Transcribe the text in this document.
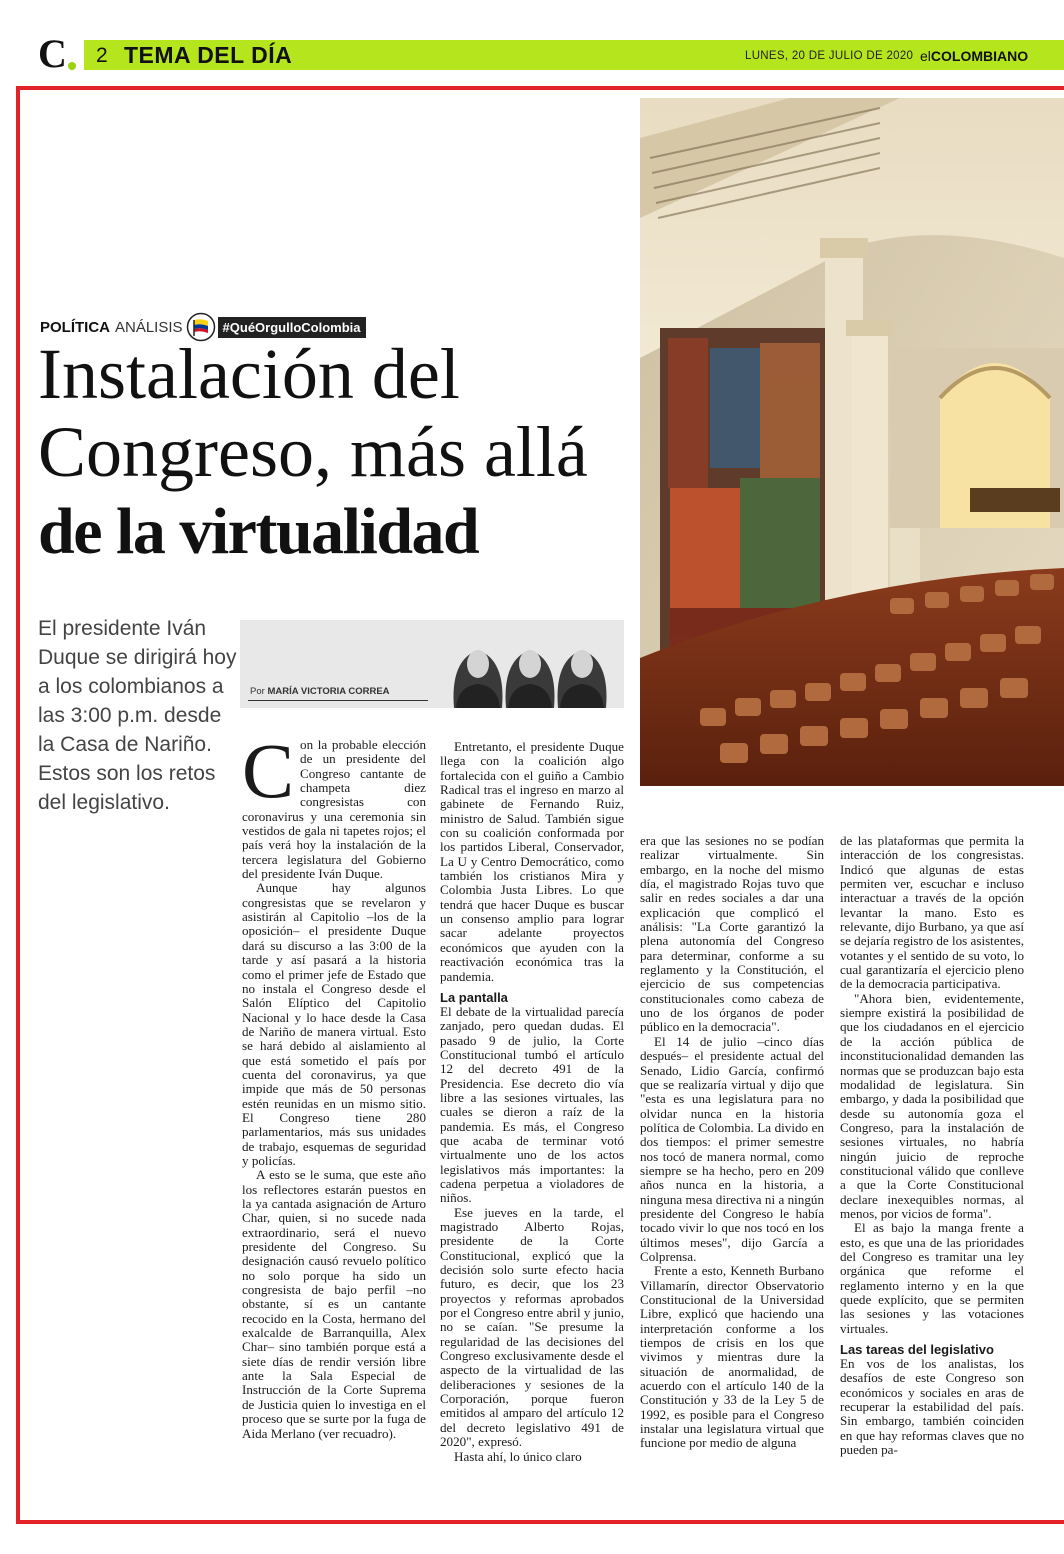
C 2 TEMA DEL DÍA	LUNES, 20 DE JULIO DE 2020 elCOLOMBIANO
POLÍTICA ANÁLISIS	#QuéOrgulloColombia
Instalación del
Congreso, más allá
de la virtualidad
El presidente Iván Duque se dirigirá hoy a los colombianos a las 3:00 p.m. desde la Casa de Nariño. Estos son los retos del legislativo.
Por MARÍA VICTORIA CORREA

Con la probable elección de un presidente del Congreso cantante de champeta diez congresistas con coronavirus y una ceremonia sin vestidos de gala ni tapetes rojos; el país verá hoy la instalación de la tercera legislatura del Gobierno del presidente Iván Duque.

Aunque hay algunos congresistas que se revelaron y asistirán al Capitolio –los de la oposición– el presidente Duque dará su discurso a las 3:00 de la tarde y así pasará a la historia como el primer jefe de Estado que no instala el Congreso desde el Salón Elíptico del Capitolio Nacional y lo hace desde la Casa de Nariño de manera virtual. Esto se hará debido al aislamiento al que está sometido el país por cuenta del coronavirus, ya que impide que más de 50 personas estén reunidas en un mismo sitio. El Congreso tiene 280 parlamentarios, más sus unidades de trabajo, esquemas de seguridad y policías.

A esto se le suma, que este año los reflectores estarán puestos en la ya cantada asignación de Arturo Char, quien, si no sucede nada extraordinario, será el nuevo presidente del Congreso. Su designación causó revuelo político no solo porque ha sido un congresista de bajo perfil –no obstante, sí es un cantante recocido en la Costa, hermano del exalcalde de Barranquilla, Alex Char– sino también porque está a siete días de rendir versión libre ante la Sala Especial de Instrucción de la Corte Suprema de Justicia quien lo investiga en el proceso que se surte por la fuga de Aida Merlano (ver recuadro).

Entretanto, el presidente Duque llega con la coalición algo fortalecida con el guiño a Cambio Radical tras el ingreso en marzo al gabinete de Fernando Ruiz, ministro de Salud. También sigue con su coalición conformada por los partidos Liberal, Conservador, La U y Centro Democrático, como también los cristianos Mira y Colombia Justa Libres. Lo que tendrá que hacer Duque es buscar un consenso amplio para lograr sacar adelante proyectos económicos que ayuden con la reactivación económica tras la pandemia.

La pantalla

El debate de la virtualidad parecía zanjado, pero quedan dudas. El pasado 9 de julio, la Corte Constitucional tumbó el artículo 12 del decreto 491 de la Presidencia. Ese decreto dio vía libre a las sesiones virtuales, las cuales se dieron a raíz de la pandemia. Es más, el Congreso que acaba de terminar votó virtualmente uno de los actos legislativos más importantes: la cadena perpetua a violadores de niños.

Ese jueves en la tarde, el magistrado Alberto Rojas, presidente de la Corte Constitucional, explicó que la decisión solo surte efecto hacia futuro, es decir, que los 23 proyectos y reformas aprobados por el Congreso entre abril y junio, no se caían. "Se presume la regularidad de las decisiones del Congreso exclusivamente desde el aspecto de la virtualidad de las deliberaciones y sesiones de la Corporación, porque fueron emitidos al amparo del artículo 12 del decreto legislativo 491 de 2020", expresó.

Hasta ahí, lo único claro

era que las sesiones no se podían realizar virtualmente. Sin embargo, en la noche del mismo día, el magistrado Rojas tuvo que salir en redes sociales a dar una explicación que complicó el análisis: "La Corte garantizó la plena autonomía del Congreso para determinar, conforme a su reglamento y la Constitución, el ejercicio de sus competencias constitucionales como cabeza de uno de los órganos de poder público en la democracia".

El 14 de julio –cinco días después– el presidente actual del Senado, Lidio García, confirmó que se realizaría virtual y dijo que "esta es una legislatura para no olvidar nunca en la historia política de Colombia. La divido en dos tiempos: el primer semestre nos tocó de manera normal, como siempre se ha hecho, pero en 209 años nunca en la historia, a ninguna mesa directiva ni a ningún presidente del Congreso le había tocado vivir lo que nos tocó en los últimos meses", dijo García a Colprensa.

Frente a esto, Kenneth Burbano Villamarín, director Observatorio Constitucional de la Universidad Libre, explicó que haciendo una interpretación conforme a los tiempos de crisis en los que vivimos y mientras dure la situación de anormalidad, de acuerdo con el artículo 140 de la Constitución y 33 de la Ley 5 de 1992, es posible para el Congreso instalar una legislatura virtual que funcione por medio de alguna

de las plataformas que permita la interacción de los congresistas. Indicó que algunas de estas permiten ver, escuchar e incluso interactuar a través de la opción levantar la mano. Esto es relevante, dijo Burbano, ya que así se dejaría registro de los asistentes, votantes y el sentido de su voto, lo cual garantizaría el ejercicio pleno de la democracia participativa.

"Ahora bien, evidentemente, siempre existirá la posibilidad de que los ciudadanos en el ejercicio de la acción pública de inconstitucionalidad demanden las normas que se produzcan bajo esta modalidad de legislatura. Sin embargo, y dada la posibilidad que desde su autonomía goza el Congreso, para la instalación de sesiones virtuales, no habría ningún juicio de reproche constitucional válido que conlleve a que la Corte Constitucional declare inexequibles normas, al menos, por vicios de forma".

El as bajo la manga frente a esto, es que una de las prioridades del Congreso es tramitar una ley orgánica que reforme el reglamento interno y en la que quede explícito, que se permiten las sesiones y las votaciones virtuales.

Las tareas del legislativo

En vos de los analistas, los desafíos de este Congreso son económicos y sociales en aras de recuperar la estabilidad del país. Sin embargo, también coinciden en que hay reformas claves que no pueden pa-
